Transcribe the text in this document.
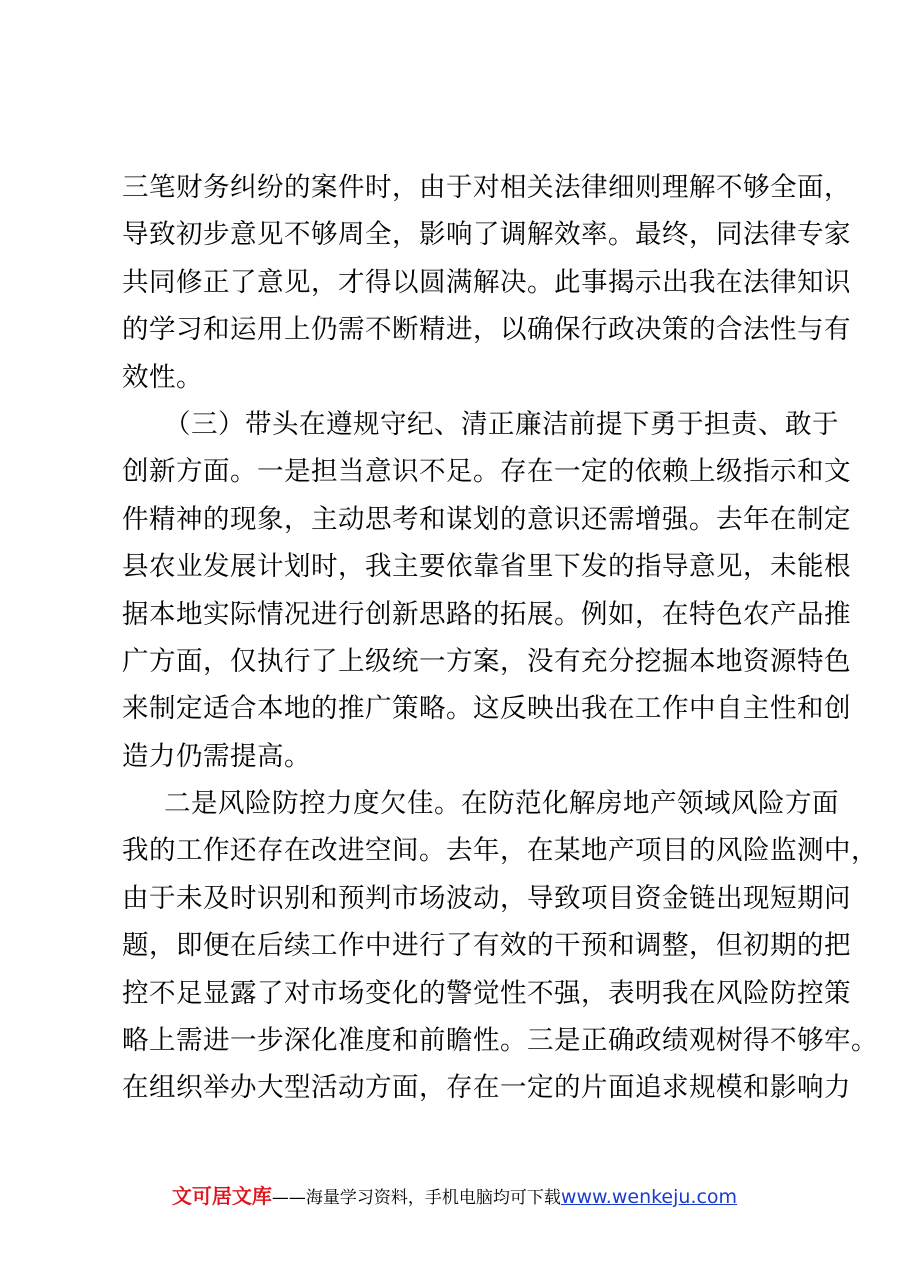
三笔财务纠纷的案件时，由于对相关法律细则理解不够全面，
导致初步意见不够周全，影响了调解效率。最终，同法律专家
共同修正了意见，才得以圆满解决。此事揭示出我在法律知识
的学习和运用上仍需不断精进，以确保行政决策的合法性与有
效性。
（三）带头在遵规守纪、清正廉洁前提下勇于担责、敢于
创新方面。一是担当意识不足。存在一定的依赖上级指示和文
件精神的现象，主动思考和谋划的意识还需增强。去年在制定
县农业发展计划时，我主要依靠省里下发的指导意见，未能根
据本地实际情况进行创新思路的拓展。例如，在特色农产品推
广方面，仅执行了上级统一方案，没有充分挖掘本地资源特色
来制定适合本地的推广策略。这反映出我在工作中自主性和创
造力仍需提高。
二是风险防控力度欠佳。在防范化解房地产领域风险方面
我的工作还存在改进空间。去年，在某地产项目的风险监测中，
由于未及时识别和预判市场波动，导致项目资金链出现短期问
题，即便在后续工作中进行了有效的干预和调整，但初期的把
控不足显露了对市场变化的警觉性不强，表明我在风险防控策
略上需进一步深化准度和前瞻性。三是正确政绩观树得不够牢。
在组织举办大型活动方面，存在一定的片面追求规模和影响力
文可居文库——海量学习资料，手机电脑均可下载www.wenkeju.com
